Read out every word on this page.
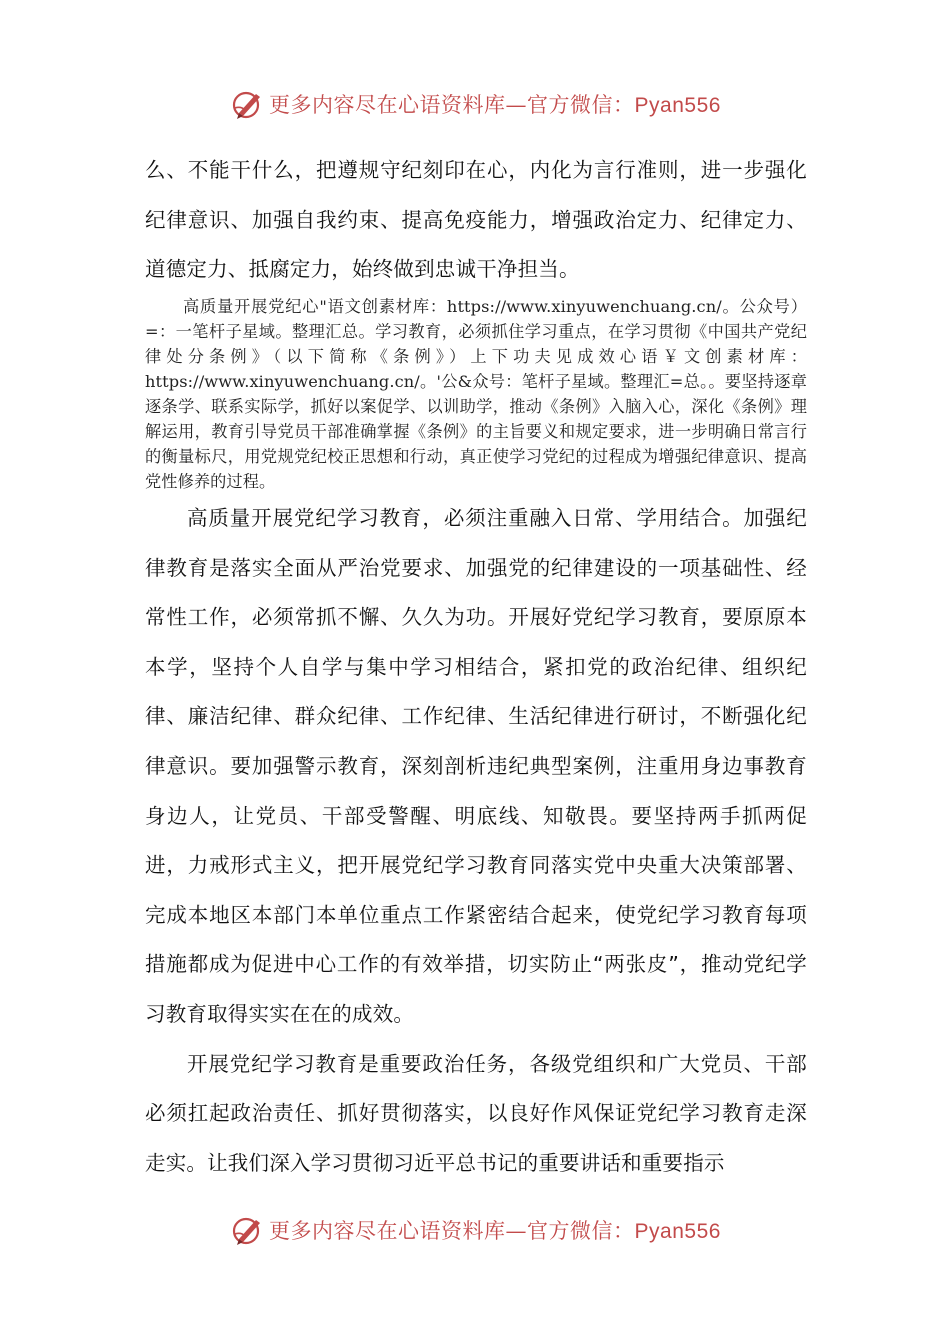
更多内容尽在心语资料库—官方微信：Pyan556

么、不能干什么，把遵规守纪刻印在心，内化为言行准则，进一步强化纪律意识、加强自我约束、提高免疫能力，增强政治定力、纪律定力、道德定力、抵腐定力，始终做到忠诚干净担当。

高质量开展党纪心"语文创素材库：https://www.xinyuwenchuang.cn/。公众号）=：一笔杆子星域。整理汇总。学习教育，必须抓住学习重点，在学习贯彻《中国共产党纪律处分条例》（以下简称《条例》）上下功夫见成效心语￥文创素材库：https://www.xinyuwenchuang.cn/。'公&众号：笔杆子星域。整理汇=总。。要坚持逐章逐条学、联系实际学，抓好以案促学、以训助学，推动《条例》入脑入心，深化《条例》理解运用，教育引导党员干部准确掌握《条例》的主旨要义和规定要求，进一步明确日常言行的衡量标尺，用党规党纪校正思想和行动，真正使学习党纪的过程成为增强纪律意识、提高党性修养的过程。

高质量开展党纪学习教育，必须注重融入日常、学用结合。加强纪律教育是落实全面从严治党要求、加强党的纪律建设的一项基础性、经常性工作，必须常抓不懈、久久为功。开展好党纪学习教育，要原原本本学，坚持个人自学与集中学习相结合，紧扣党的政治纪律、组织纪律、廉洁纪律、群众纪律、工作纪律、生活纪律进行研讨，不断强化纪律意识。要加强警示教育，深刻剖析违纪典型案例，注重用身边事教育身边人，让党员、干部受警醒、明底线、知敬畏。要坚持两手抓两促进，力戒形式主义，把开展党纪学习教育同落实党中央重大决策部署、完成本地区本部门本单位重点工作紧密结合起来，使党纪学习教育每项措施都成为促进中心工作的有效举措，切实防止“两张皮”，推动党纪学习教育取得实实在在的成效。

开展党纪学习教育是重要政治任务，各级党组织和广大党员、干部必须扛起政治责任、抓好贯彻落实，以良好作风保证党纪学习教育走深走实。让我们深入学习贯彻习近平总书记的重要讲话和重要指示

更多内容尽在心语资料库—官方微信：Pyan556
